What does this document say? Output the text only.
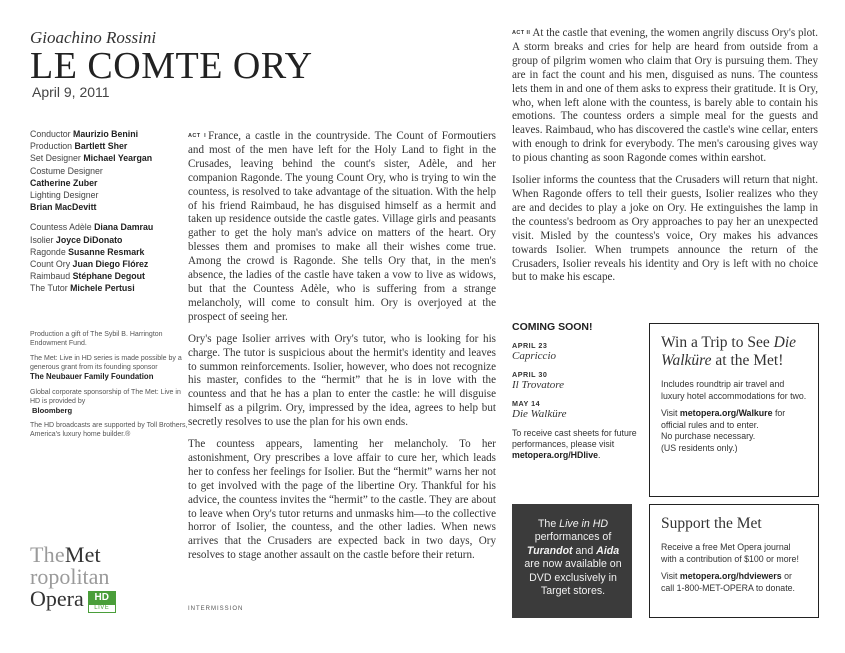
Gioachino Rossini
LE COMTE ORY
April 9, 2011
Conductor Maurizio Benini
Production Bartlett Sher
Set Designer Michael Yeargan
Costume Designer
Catherine Zuber
Lighting Designer
Brian MacDevitt
Countess Adèle Diana Damrau
Isolier Joyce DiDonato
Ragonde Susanne Resmark
Count Ory Juan Diego Flórez
Raimbaud Stéphane Degout
The Tutor Michele Pertusi
Production a gift of The Sybil B. Harrington Endowment Fund.
The Met: Live in HD series is made possible by a generous grant from its founding sponsor
The Neubauer Family Foundation
Global corporate sponsorship of The Met: Live in HD is provided by
Bloomberg
The HD broadcasts are supported by Toll Brothers, America's luxury home builder.®
TheMet
ropolitan
Opera	HD
LIVE

ACT I France, a castle in the countryside. The Count of Formoutiers and most of the men have left for the Holy Land to fight in the Crusades, leaving behind the count's sister, Adèle, and her companion Ragonde. The young Count Ory, who is trying to win the countess, is resolved to take advantage of the situation. With the help of his friend Raimbaud, he has disguised himself as a hermit and taken up residence outside the castle gates. Village girls and peasants gather to get the holy man's advice on matters of the heart. Ory blesses them and promises to make all their wishes come true. Among the crowd is Ragonde. She tells Ory that, in the men's absence, the ladies of the castle have taken a vow to live as widows, but that the Countess Adèle, who is suffering from a strange melancholy, will come to consult him. Ory is overjoyed at the prospect of seeing her.

Ory's page Isolier arrives with Ory's tutor, who is looking for his charge. The tutor is suspicious about the hermit's identity and leaves to summon reinforcements. Isolier, however, who does not recognize his master, confides to the “hermit” that he is in love with the countess and that he has a plan to enter the castle: he will disguise himself as a pilgrim. Ory, impressed by the idea, agrees to help but secretly resolves to use the plan for his own ends.

The countess appears, lamenting her melancholy. To her astonishment, Ory prescribes a love affair to cure her, which leads her to confess her feelings for Isolier. But the “hermit” warns her not to get involved with the page of the libertine Ory. Thankful for his advice, the countess invites the “hermit” to the castle. They are about to leave when Ory's tutor returns and unmasks him—to the collective horror of Isolier, the countess, and the other ladies. When news arrives that the Crusaders are expected back in two days, Ory resolves to stage another assault on the castle before their return.

INTERMISSION

ACT II At the castle that evening, the women angrily discuss Ory's plot. A storm breaks and cries for help are heard from outside from a group of pilgrim women who claim that Ory is pursuing them. They are in fact the count and his men, disguised as nuns. The countess lets them in and one of them asks to express their gratitude. It is Ory, who, when left alone with the countess, is barely able to contain his emotions. The countess orders a simple meal for the guests and leaves. Raimbaud, who has discovered the castle's wine cellar, enters with enough to drink for everybody. The men's carousing gives way to pious chanting as soon Ragonde comes within earshot.

Isolier informs the countess that the Crusaders will return that night. When Ragonde offers to tell their guests, Isolier realizes who they are and decides to play a joke on Ory. He extinguishes the lamp in the countess's bedroom as Ory approaches to pay her an unexpected visit. Misled by the countess's voice, Ory makes his advances towards Isolier. When trumpets announce the return of the Crusaders, Isolier reveals his identity and Ory is left with no choice but to make his escape.

COMING SOON!
APRIL 23
Capriccio
APRIL 30
Il Trovatore
MAY 14
Die Walküre
To receive cast sheets for future performances, please visit metopera.org/HDlive.
The Live in HD performances of Turandot and Aida are now available on DVD exclusively in Target stores.
Win a Trip to See Die Walküre at the Met!
Includes roundtrip air travel and luxury hotel accommodations for two.
Visit metopera.org/Walkure for official rules and to enter.
No purchase necessary.
(US residents only.)
Support the Met
Receive a free Met Opera journal with a contribution of $100 or more!
Visit metopera.org/hdviewers or call 1-800-MET-OPERA to donate.
